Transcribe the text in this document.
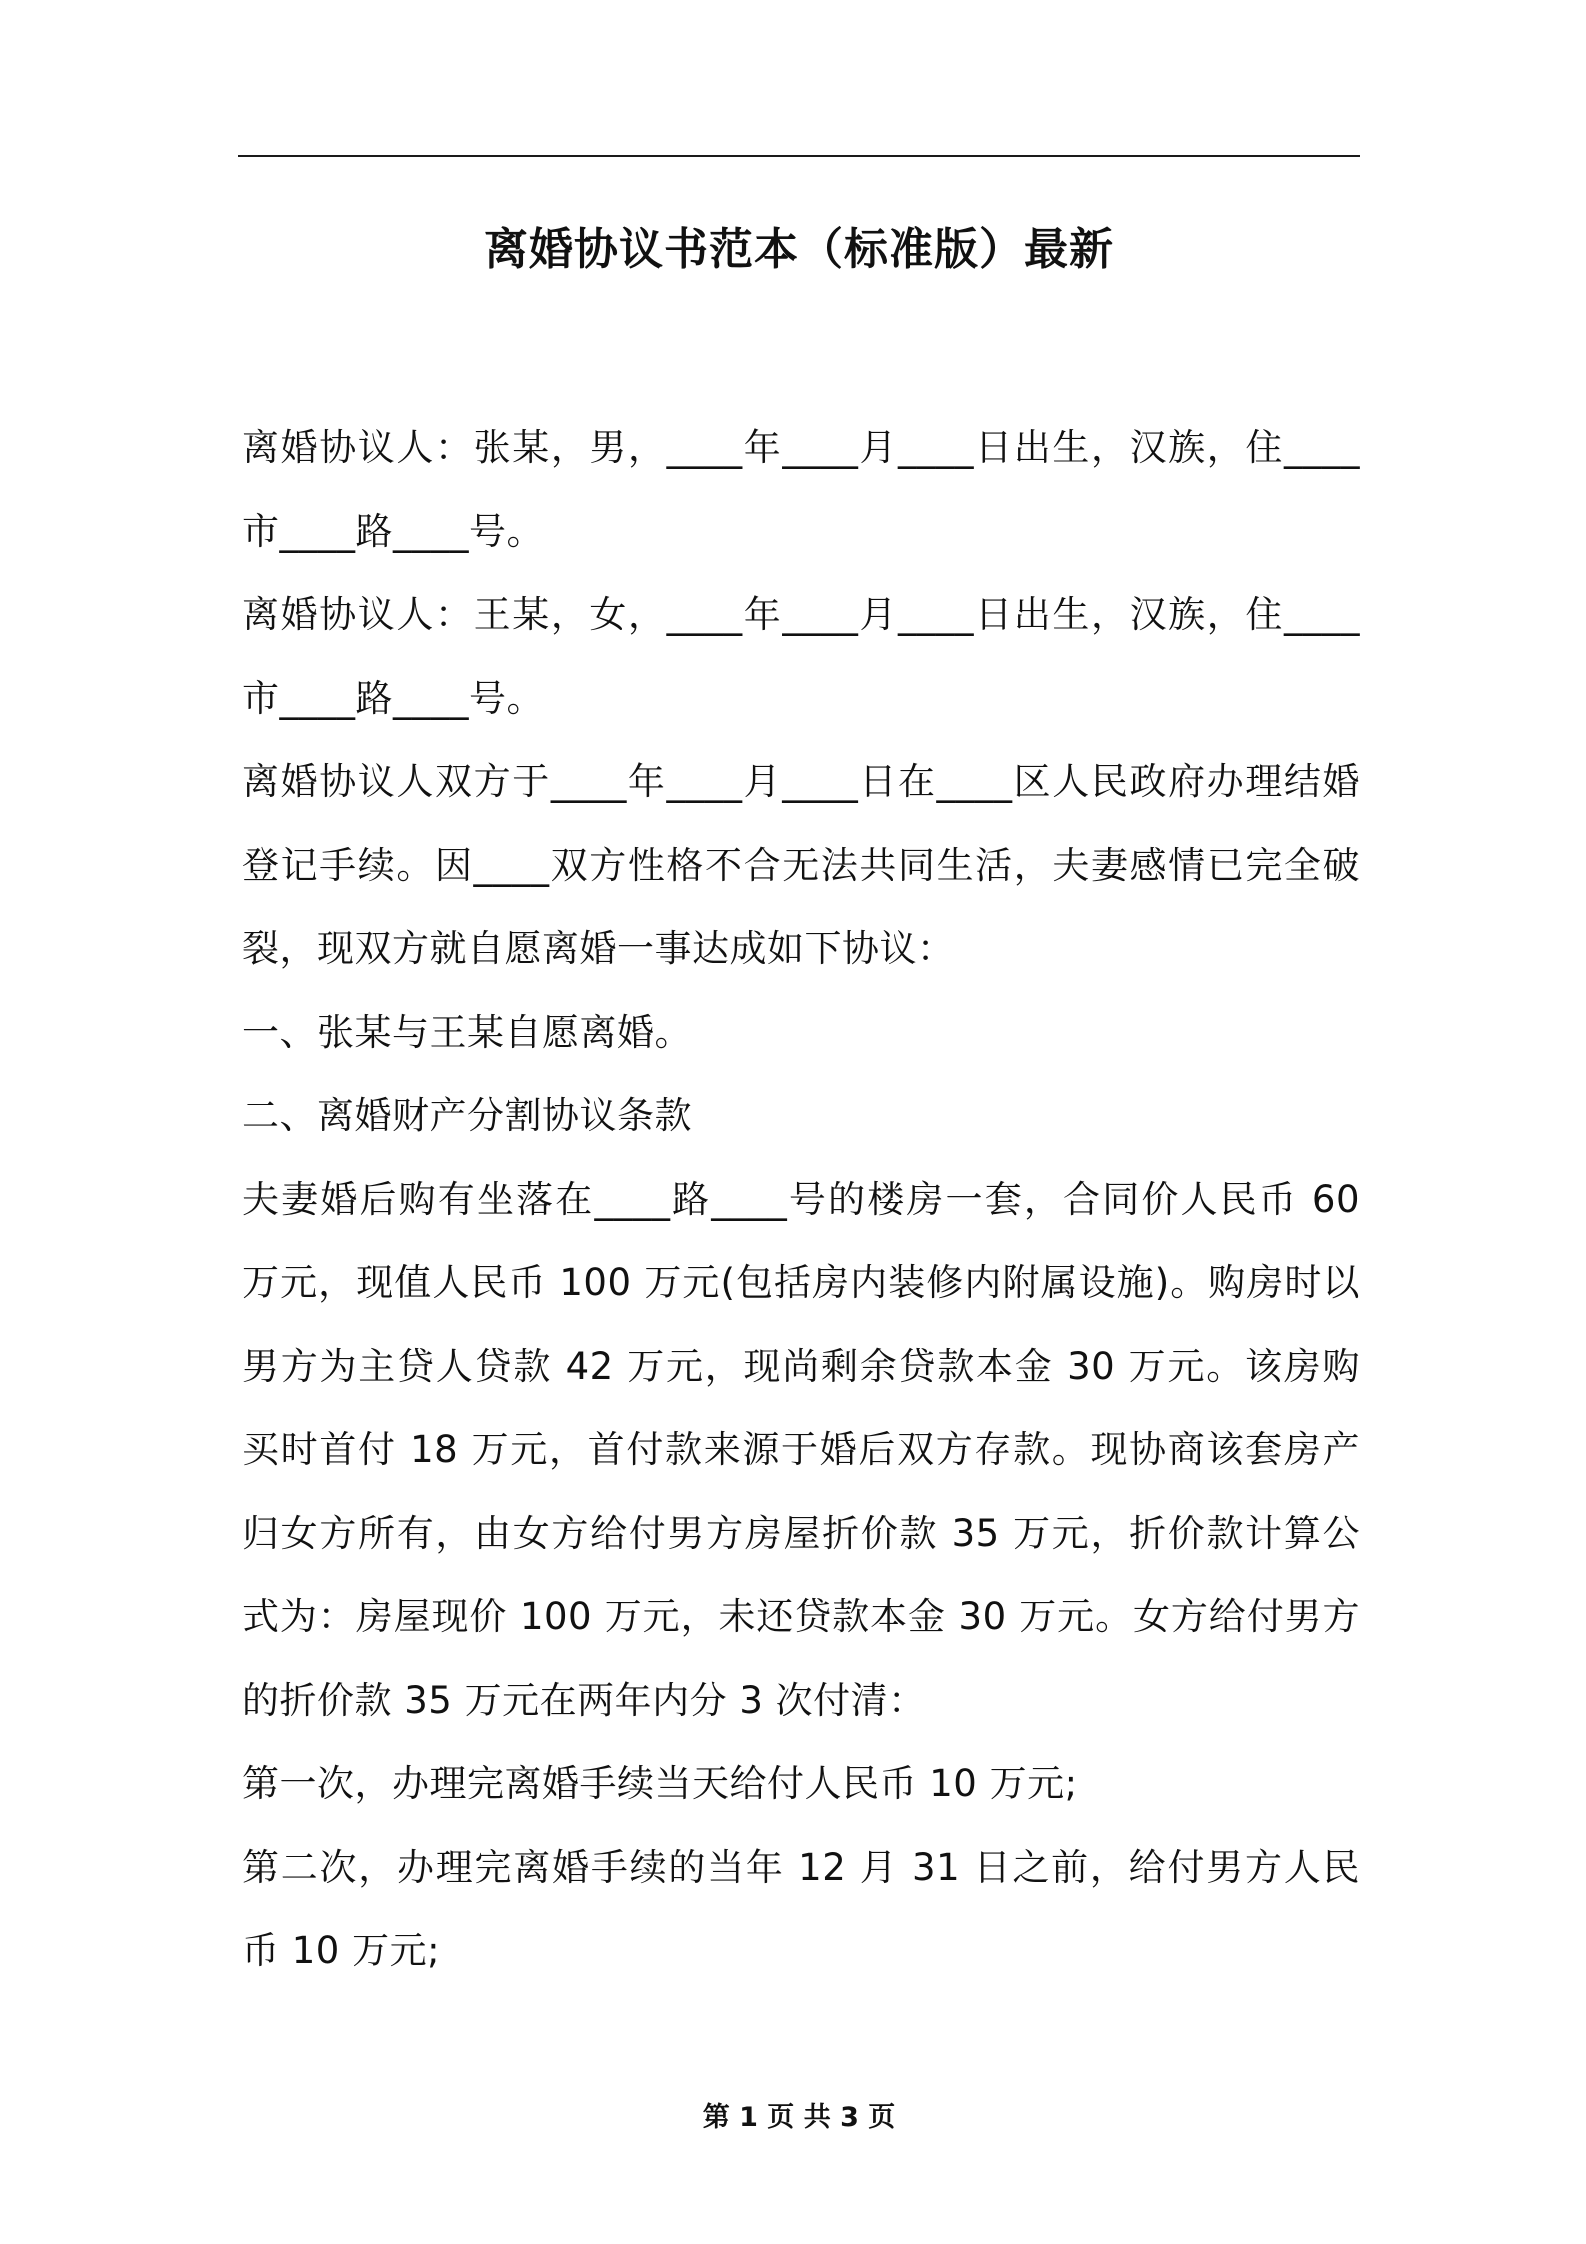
离婚协议书范本（标准版）最新

离婚协议人：张某，男，____年____月____日出生，汉族，住____市____路____号。

离婚协议人：王某，女，____年____月____日出生，汉族，住____市____路____号。

离婚协议人双方于____年____月____日在____区人民政府办理结婚登记手续。因____双方性格不合无法共同生活，夫妻感情已完全破裂，现双方就自愿离婚一事达成如下协议：

一、张某与王某自愿离婚。

二、离婚财产分割协议条款

夫妻婚后购有坐落在____路____号的楼房一套，合同价人民币 60 万元，现值人民币 100 万元(包括房内装修内附属设施)。购房时以男方为主贷人贷款 42 万元，现尚剩余贷款本金 30 万元。该房购买时首付 18 万元，首付款来源于婚后双方存款。现协商该套房产归女方所有，由女方给付男方房屋折价款 35 万元，折价款计算公式为：房屋现价 100 万元，未还贷款本金 30 万元。女方给付男方的折价款 35 万元在两年内分 3 次付清：

第一次，办理完离婚手续当天给付人民币 10 万元;

第二次，办理完离婚手续的当年 12 月 31 日之前，给付男方人民币 10 万元;

第 1 页 共 3 页
